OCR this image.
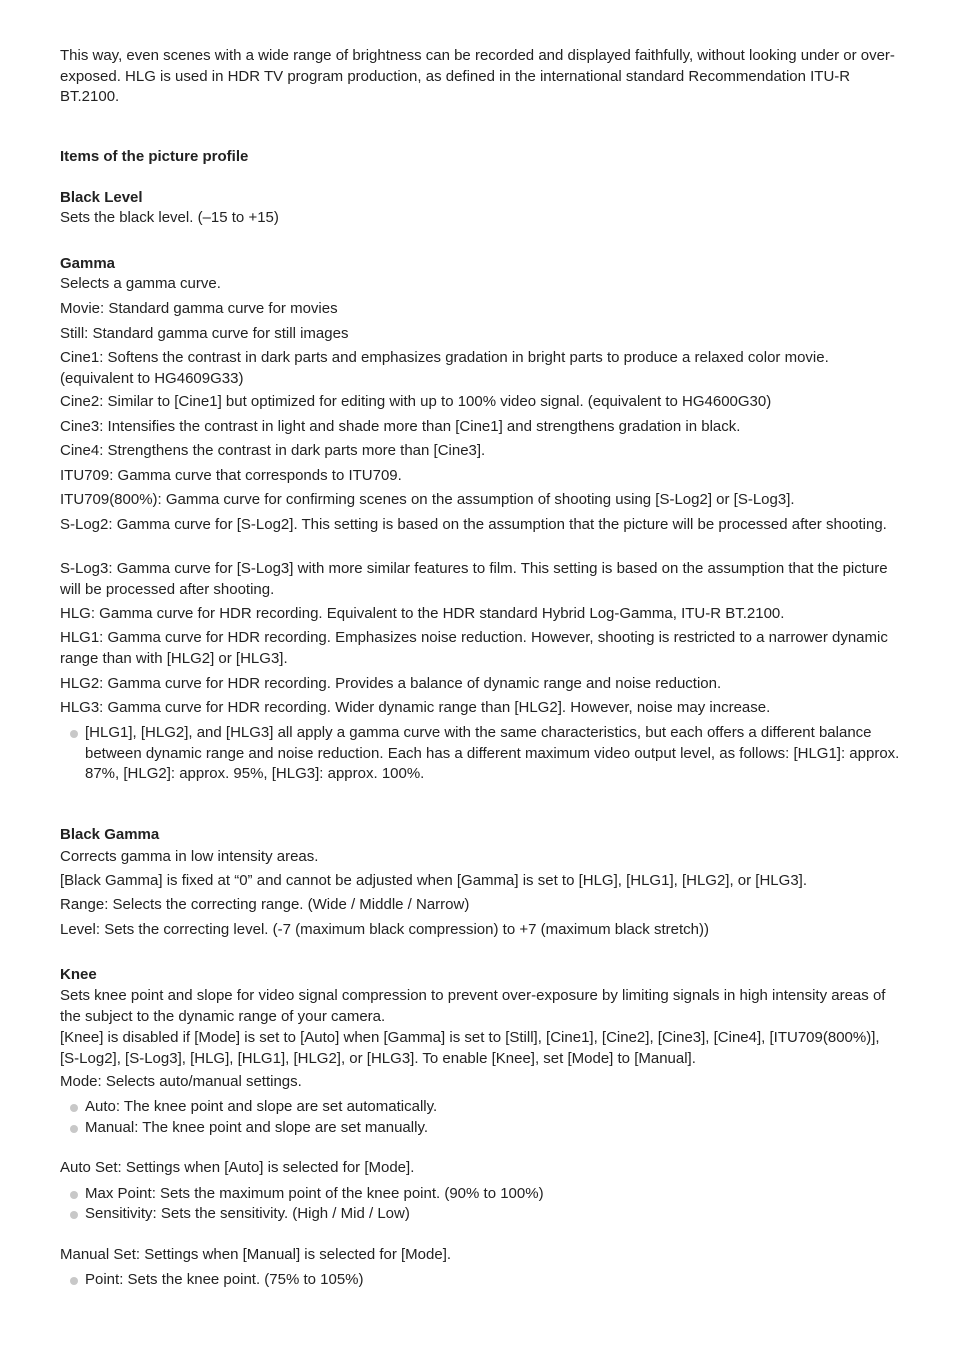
This way, even scenes with a wide range of brightness can be recorded and displayed faithfully, without looking under or over-exposed. HLG is used in HDR TV program production, as defined in the international standard Recommendation ITU-R BT.2100.

Items of the picture profile

Black Level

Sets the black level. (–15 to +15)

Gamma

Selects a gamma curve.

Movie: Standard gamma curve for movies

Still: Standard gamma curve for still images

Cine1: Softens the contrast in dark parts and emphasizes gradation in bright parts to produce a relaxed color movie. (equivalent to HG4609G33)

Cine2: Similar to [Cine1] but optimized for editing with up to 100% video signal. (equivalent to HG4600G30)

Cine3: Intensifies the contrast in light and shade more than [Cine1] and strengthens gradation in black.

Cine4: Strengthens the contrast in dark parts more than [Cine3].

ITU709: Gamma curve that corresponds to ITU709.

ITU709(800%): Gamma curve for confirming scenes on the assumption of shooting using [S-Log2] or [S-Log3].

S-Log2: Gamma curve for [S-Log2]. This setting is based on the assumption that the picture will be processed after shooting.

S-Log3: Gamma curve for [S-Log3] with more similar features to film. This setting is based on the assumption that the picture will be processed after shooting.

HLG: Gamma curve for HDR recording. Equivalent to the HDR standard Hybrid Log-Gamma, ITU-R BT.2100.

HLG1: Gamma curve for HDR recording. Emphasizes noise reduction. However, shooting is restricted to a narrower dynamic range than with [HLG2] or [HLG3].

HLG2: Gamma curve for HDR recording. Provides a balance of dynamic range and noise reduction.

HLG3: Gamma curve for HDR recording. Wider dynamic range than [HLG2]. However, noise may increase.

[HLG1], [HLG2], and [HLG3] all apply a gamma curve with the same characteristics, but each offers a different balance between dynamic range and noise reduction. Each has a different maximum video output level, as follows: [HLG1]: approx. 87%, [HLG2]: approx. 95%, [HLG3]: approx. 100%.

Black Gamma

Corrects gamma in low intensity areas.

[Black Gamma] is fixed at “0” and cannot be adjusted when [Gamma] is set to [HLG], [HLG1], [HLG2], or [HLG3].

Range: Selects the correcting range. (Wide / Middle / Narrow)

Level: Sets the correcting level. (-7 (maximum black compression) to +7 (maximum black stretch))

Knee

Sets knee point and slope for video signal compression to prevent over-exposure by limiting signals in high intensity areas of the subject to the dynamic range of your camera.

[Knee] is disabled if [Mode] is set to [Auto] when [Gamma] is set to [Still], [Cine1], [Cine2], [Cine3], [Cine4], [ITU709(800%)], [S-Log2], [S-Log3], [HLG], [HLG1], [HLG2], or [HLG3]. To enable [Knee], set [Mode] to [Manual].

Mode: Selects auto/manual settings.

Auto: The knee point and slope are set automatically.

Manual: The knee point and slope are set manually.

Auto Set: Settings when [Auto] is selected for [Mode].

Max Point: Sets the maximum point of the knee point. (90% to 100%)

Sensitivity: Sets the sensitivity. (High / Mid / Low)

Manual Set: Settings when [Manual] is selected for [Mode].

Point: Sets the knee point. (75% to 105%)
